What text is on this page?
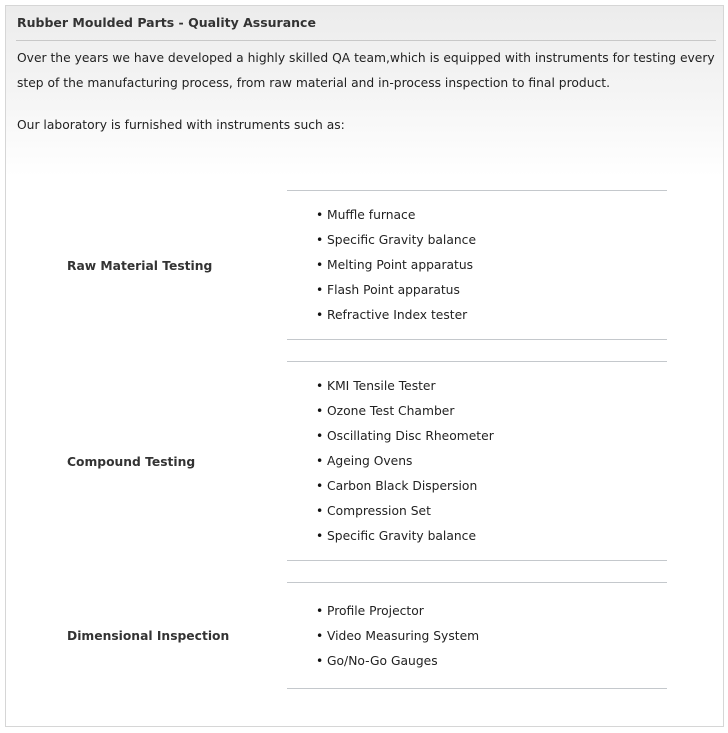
Rubber Moulded Parts - Quality Assurance

Over the years we have developed a highly skilled QA team,which is equipped with instruments for testing every step of the manufacturing process, from raw material and in-process inspection to final product.

Our laboratory is furnished with instruments such as:
Raw Material Testing
• Muffle furnace
• Specific Gravity balance
• Melting Point apparatus
• Flash Point apparatus
• Refractive Index tester
Compound Testing
• KMI Tensile Tester
• Ozone Test Chamber
• Oscillating Disc Rheometer
• Ageing Ovens
• Carbon Black Dispersion
• Compression Set
• Specific Gravity balance
Dimensional Inspection
• Profile Projector
• Video Measuring System
• Go/No-Go Gauges
